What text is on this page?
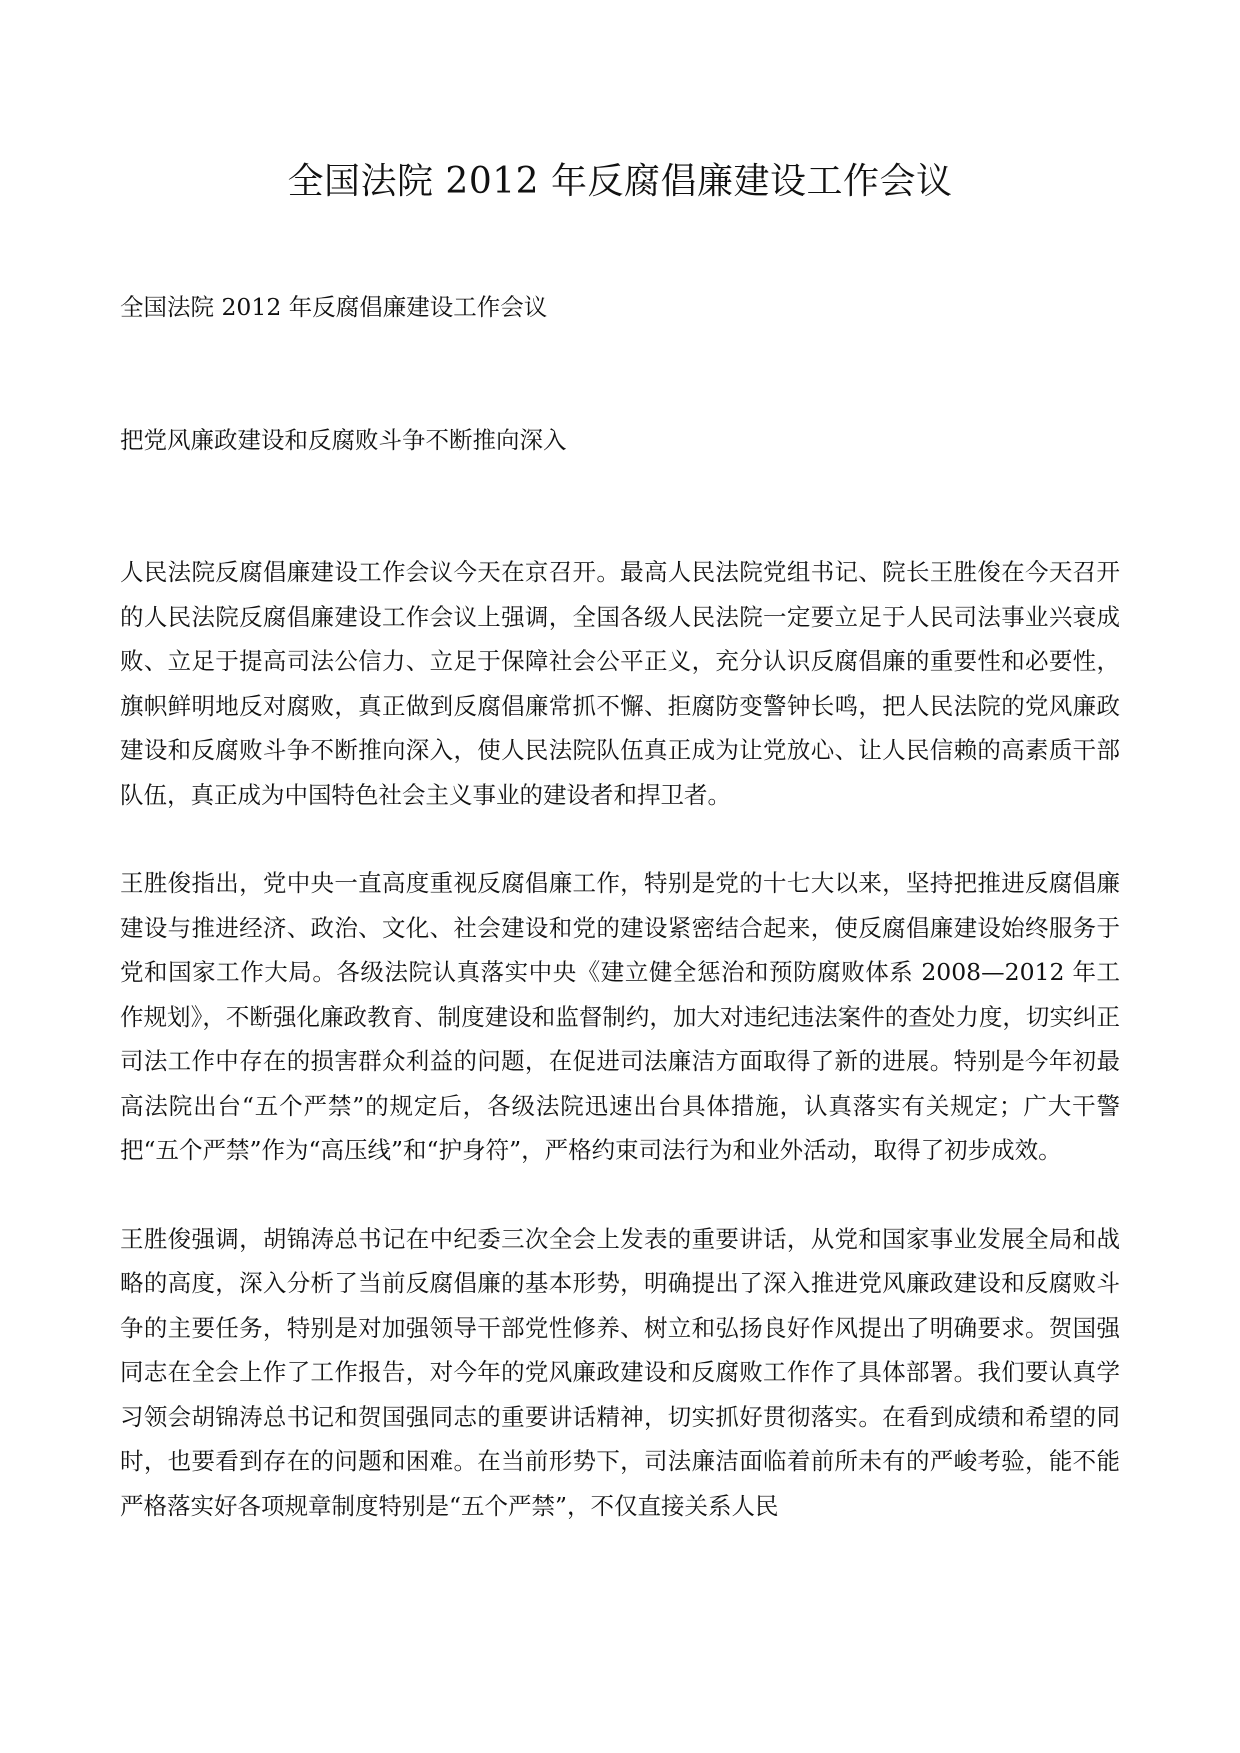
全国法院 2012 年反腐倡廉建设工作会议

全国法院 2012 年反腐倡廉建设工作会议

把党风廉政建设和反腐败斗争不断推向深入

人民法院反腐倡廉建设工作会议今天在京召开。最高人民法院党组书记、院长王胜俊在今天召开的人民法院反腐倡廉建设工作会议上强调，全国各级人民法院一定要立足于人民司法事业兴衰成败、立足于提高司法公信力、立足于保障社会公平正义，充分认识反腐倡廉的重要性和必要性，旗帜鲜明地反对腐败，真正做到反腐倡廉常抓不懈、拒腐防变警钟长鸣，把人民法院的党风廉政建设和反腐败斗争不断推向深入，使人民法院队伍真正成为让党放心、让人民信赖的高素质干部队伍，真正成为中国特色社会主义事业的建设者和捍卫者。

王胜俊指出，党中央一直高度重视反腐倡廉工作，特别是党的十七大以来，坚持把推进反腐倡廉建设与推进经济、政治、文化、社会建设和党的建设紧密结合起来，使反腐倡廉建设始终服务于党和国家工作大局。各级法院认真落实中央《建立健全惩治和预防腐败体系 2008—2012 年工作规划》，不断强化廉政教育、制度建设和监督制约，加大对违纪违法案件的查处力度，切实纠正司法工作中存在的损害群众利益的问题，在促进司法廉洁方面取得了新的进展。特别是今年初最高法院出台“五个严禁”的规定后，各级法院迅速出台具体措施，认真落实有关规定；广大干警把“五个严禁”作为“高压线”和“护身符”，严格约束司法行为和业外活动，取得了初步成效。

王胜俊强调，胡锦涛总书记在中纪委三次全会上发表的重要讲话，从党和国家事业发展全局和战略的高度，深入分析了当前反腐倡廉的基本形势，明确提出了深入推进党风廉政建设和反腐败斗争的主要任务，特别是对加强领导干部党性修养、树立和弘扬良好作风提出了明确要求。贺国强同志在全会上作了工作报告，对今年的党风廉政建设和反腐败工作作了具体部署。我们要认真学习领会胡锦涛总书记和贺国强同志的重要讲话精神，切实抓好贯彻落实。在看到成绩和希望的同时，也要看到存在的问题和困难。在当前形势下，司法廉洁面临着前所未有的严峻考验，能不能严格落实好各项规章制度特别是“五个严禁”，不仅直接关系人民
